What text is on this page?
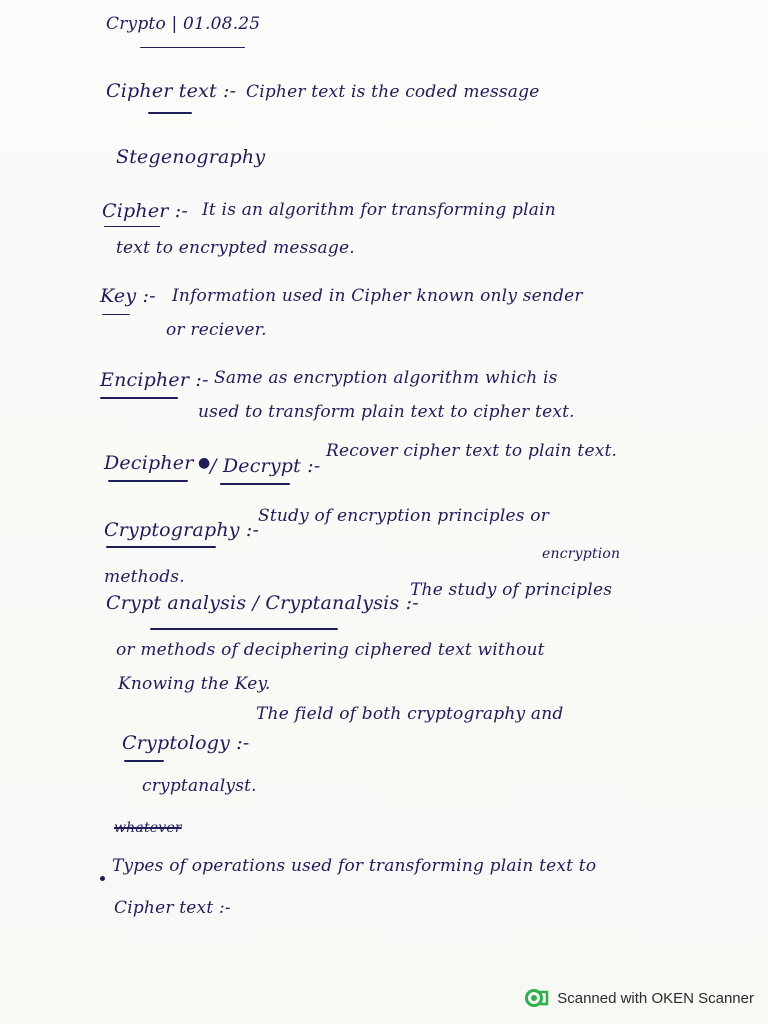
Crypto | 01.08.25
Cipher text :- Cipher text is the coded message
Stegenography
Cipher :- It is an algorithm for transforming plain
text to encrypted message.
Key :- Information used in Cipher known only sender
or reciever.
Encipher :- Same as encryption algorithm which is
used to transform plain text to cipher text.
Decipher ● / Decrypt :-
Recover cipher text to plain text.
Cryptography :-
Study of encryption principles or
methods.
encryption
Crypt analysis / Cryptanalysis :-
The study of principles
or methods of deciphering ciphered text without
Knowing the Key.
Cryptology :-
The field of both cryptography and
cryptanalyst.
whatever
Types of operations used for transforming plain text to
Cipher text :-
Scanned with OKEN Scanner
